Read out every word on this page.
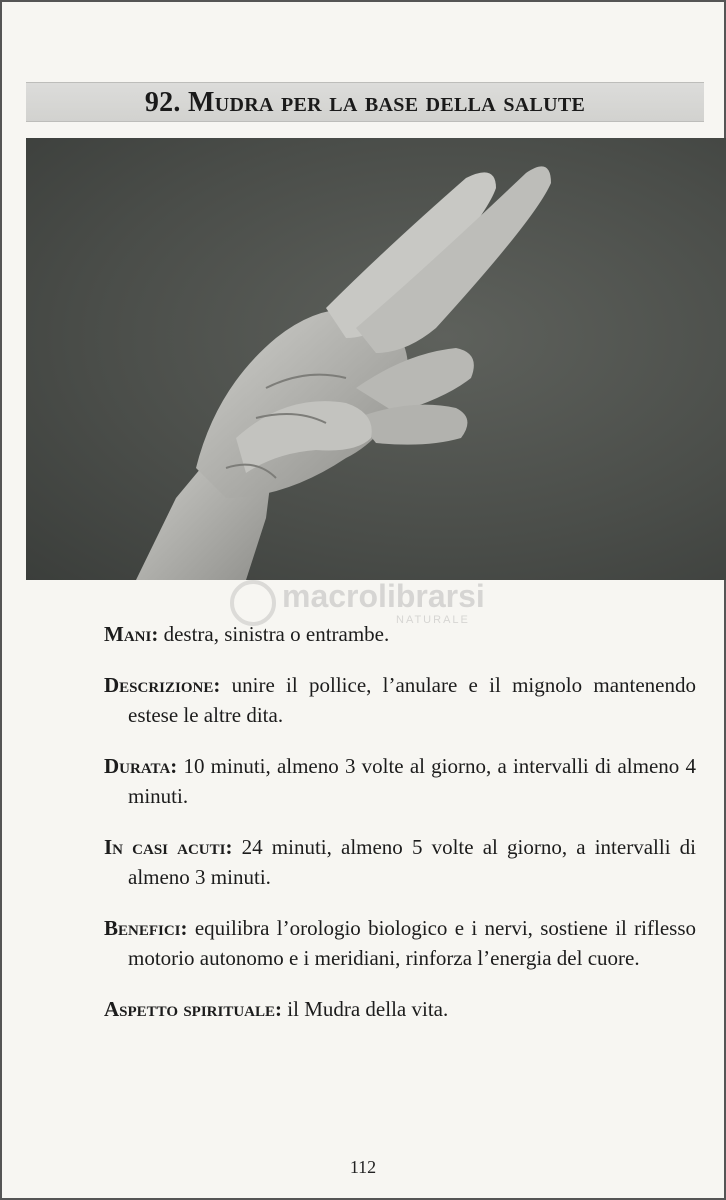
92. Mudra per la base della salute
macrolibrarsi
NATURALE

Mani: destra, sinistra o entrambe.

Descrizione: unire il pollice, l’anulare e il mignolo mantenendo estese le altre dita.

Durata: 10 minuti, almeno 3 volte al giorno, a intervalli di almeno 4 minuti.

In casi acuti: 24 minuti, almeno 5 volte al giorno, a intervalli di almeno 3 minuti.

Benefici: equilibra l’orologio biologico e i nervi, sostiene il riflesso motorio autonomo e i meridiani, rinforza l’energia del cuore.

Aspetto spirituale: il Mudra della vita.

112
